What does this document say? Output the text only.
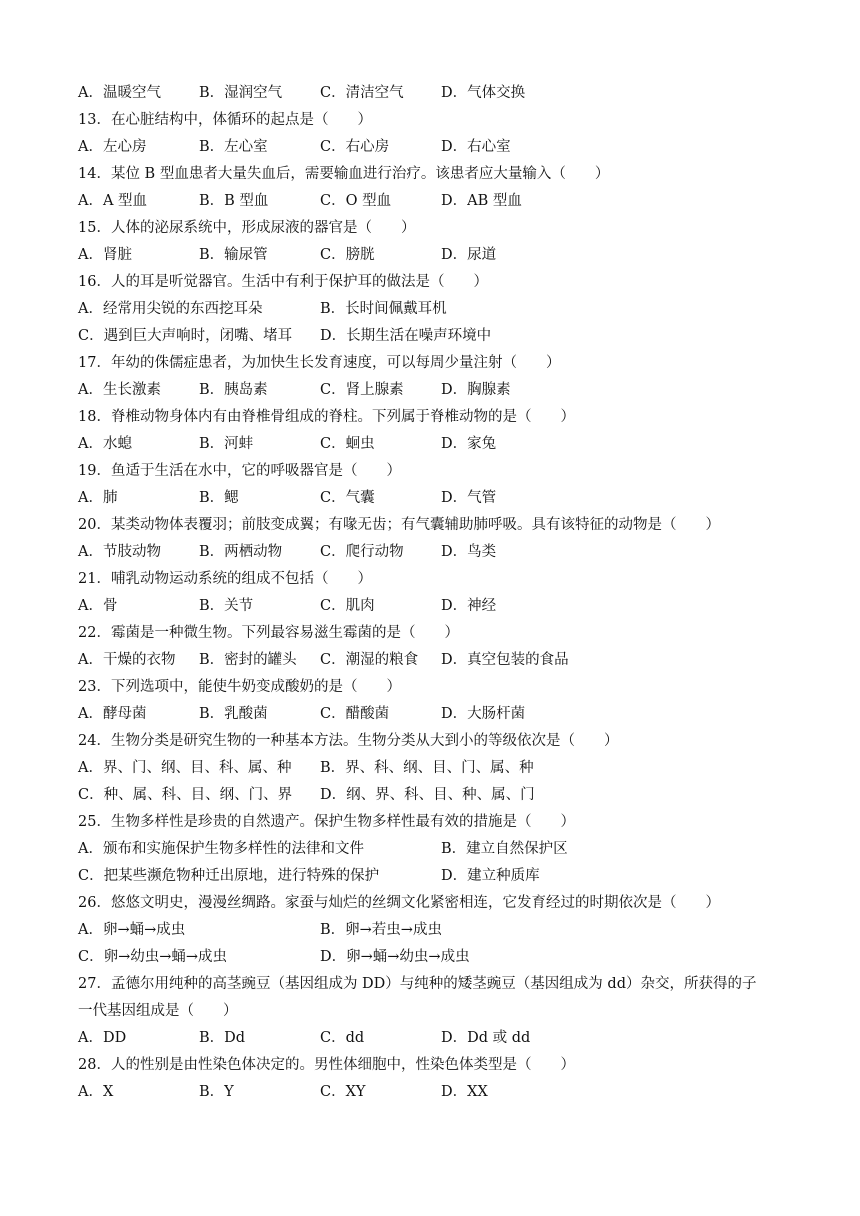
A．温暖空气	B．湿润空气	C．清洁空气	D．气体交换
13．在心脏结构中，体循环的起点是（　　）
A．左心房	B．左心室	C．右心房	D．右心室
14．某位 B 型血患者大量失血后，需要输血进行治疗。该患者应大量输入（　　）
A．A 型血	B．B 型血	C．O 型血	D．AB 型血
15．人体的泌尿系统中，形成尿液的器官是（　　）
A．肾脏	B．输尿管	C．膀胱	D．尿道
16．人的耳是听觉器官。生活中有利于保护耳的做法是（　　）
A．经常用尖锐的东西挖耳朵	B．长时间佩戴耳机
C．遇到巨大声响时，闭嘴、堵耳 D．长期生活在噪声环境中
17．年幼的侏儒症患者，为加快生长发育速度，可以每周少量注射（　　）
A．生长激素	B．胰岛素	C．肾上腺素	D．胸腺素
18．脊椎动物身体内有由脊椎骨组成的脊柱。下列属于脊椎动物的是（　　）
A．水螅	B．河蚌	C．蛔虫	D．家兔
19．鱼适于生活在水中，它的呼吸器官是（　　）
A．肺	B．鳃	C．气囊	D．气管
20．某类动物体表覆羽；前肢变成翼；有喙无齿；有气囊辅助肺呼吸。具有该特征的动物是（　　）
A．节肢动物	B．两栖动物	C．爬行动物	D．鸟类
21．哺乳动物运动系统的组成不包括（　　）
A．骨	B．关节	C．肌肉	D．神经
22．霉菌是一种微生物。下列最容易滋生霉菌的是（　　）
A．干燥的衣物 B．密封的罐头 C．潮湿的粮食 D．真空包装的食品
23．下列选项中，能使牛奶变成酸奶的是（　　）
A．酵母菌	B．乳酸菌	C．醋酸菌	D．大肠杆菌
24．生物分类是研究生物的一种基本方法。生物分类从大到小的等级依次是（　　）
A．界、门、纲、目、科、属、种 B．界、科、纲、目、门、属、种
C．种、属、科、目、纲、门、界 D．纲、界、科、目、种、属、门
25．生物多样性是珍贵的自然遗产。保护生物多样性最有效的措施是（　　）
A．颁布和实施保护生物多样性的法律和文件	B．建立自然保护区
C．把某些濒危物种迁出原地，进行特殊的保护	D．建立种质库
26．悠悠文明史，漫漫丝绸路。家蚕与灿烂的丝绸文化紧密相连，它发育经过的时期依次是（　　）
A．卵→蛹→成虫	B．卵→若虫→成虫
C．卵→幼虫→蛹→成虫	D．卵→蛹→幼虫→成虫
27．孟德尔用纯种的高茎豌豆（基因组成为 DD）与纯种的矮茎豌豆（基因组成为 dd）杂交，所获得的子
一代基因组成是（　　）
A．DD	B．Dd	C．dd	D．Dd 或 dd
28．人的性别是由性染色体决定的。男性体细胞中，性染色体类型是（　　）
A．X	B．Y	C．XY	D．XX
